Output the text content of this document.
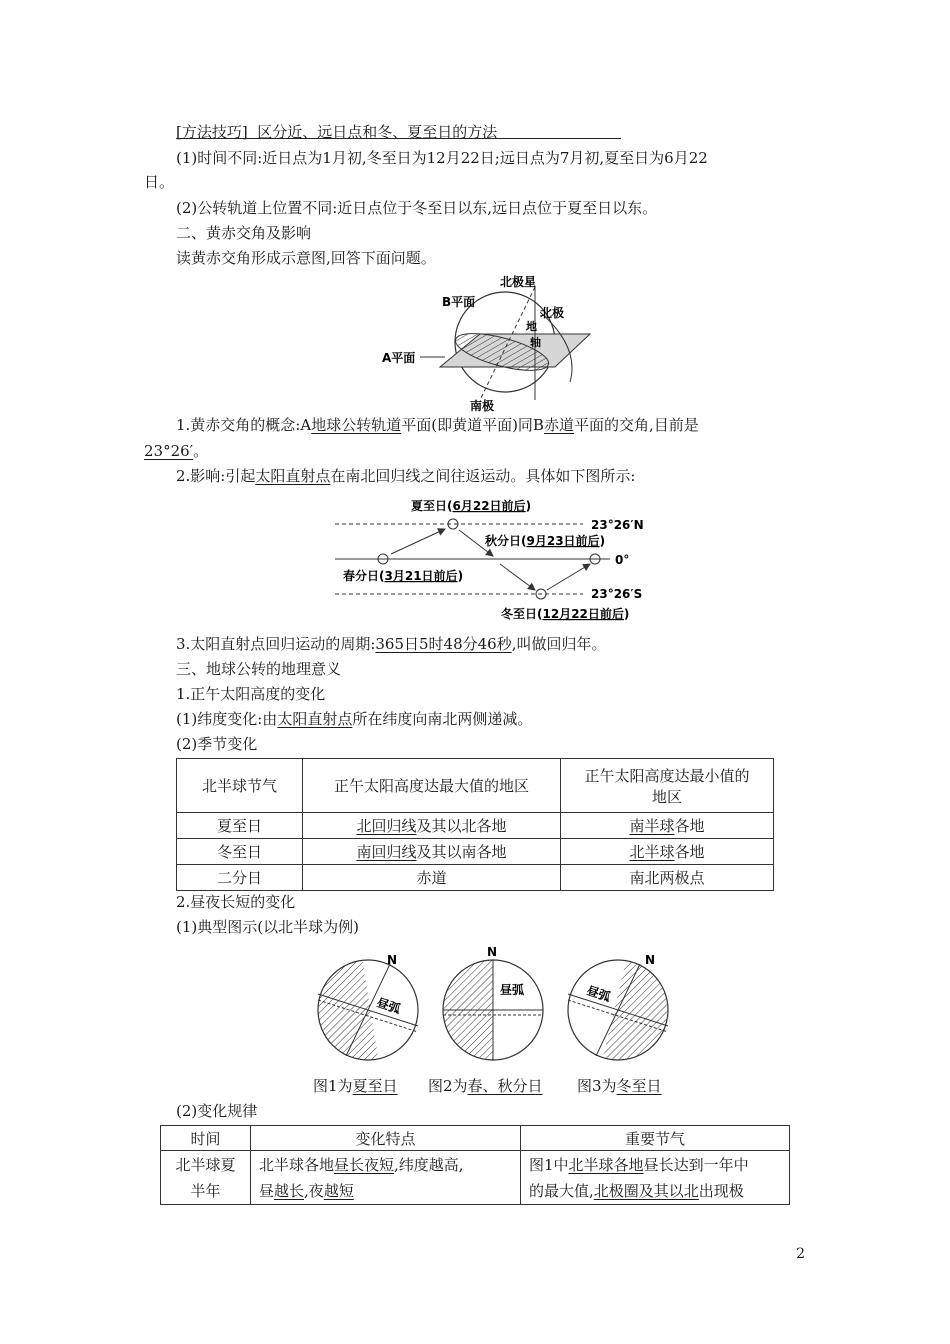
[方法技巧] 区分近、远日点和冬、夏至日的方法
(1)时间不同:近日点为1月初,冬至日为12月22日;远日点为7月初,夏至日为6月22
日。
(2)公转轨道上位置不同:近日点位于冬至日以东,远日点位于夏至日以东。
二、黄赤交角及影响
读黄赤交角形成示意图,回答下面问题。
北极星
北极
B平面
地
轴
A平面
南极
1.黄赤交角的概念:A地球公转轨道平面(即黄道平面)同B赤道平面的交角,目前是
23°26′。
2.影响:引起太阳直射点在南北回归线之间往返运动。具体如下图所示:
夏至日(6月22日前后)
秋分日(9月23日前后)
春分日(3月21日前后)
冬至日(12月22日前后)
23°26′N
0°
23°26′S
3.太阳直射点回归运动的周期:365日5时48分46秒,叫做回归年。
三、地球公转的地理意义
1.正午太阳高度的变化
(1)纬度变化:由太阳直射点所在纬度向南北两侧递减。
(2)季节变化
北半球节气	正午太阳高度达最大值的地区	正午太阳高度达最小值的
地区
夏至日	北回归线及其以北各地	南半球各地
冬至日	南回归线及其以南各地	北半球各地
二分日	赤道	南北两极点
2.昼夜长短的变化
(1)典型图示(以北半球为例)
N
昼弧
N
昼弧
N
昼弧
图1为夏至日 图2为春、秋分日 图3为冬至日
(2)变化规律
时间	变化特点	重要节气
北半球夏
半年	北半球各地昼长夜短,纬度越高,
昼越长,夜越短	图1中北半球各地昼长达到一年中
的最大值,北极圈及其以北出现极
2
